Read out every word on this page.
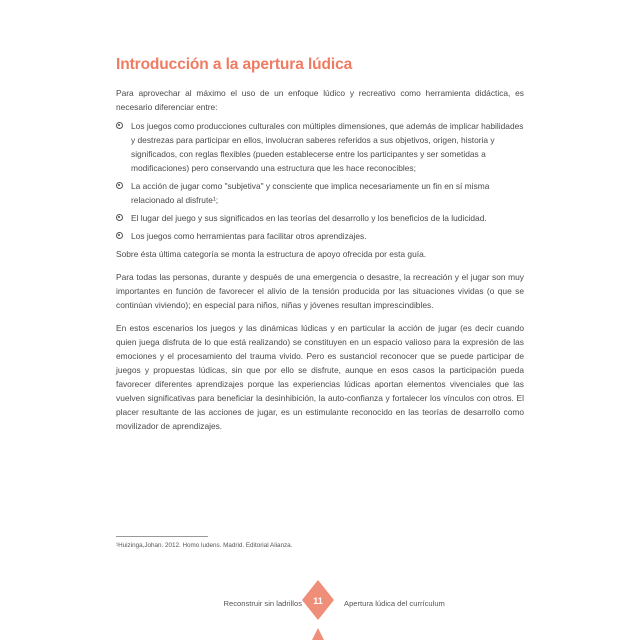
Introducción a la apertura lúdica

Para aprovechar al máximo el uso de un enfoque lúdico y recreativo como herramienta didáctica, es necesario diferenciar entre:

Los juegos como producciones culturales con múltiples dimensiones, que además de implicar habilidades y destrezas para participar en ellos, involucran saberes referidos a sus objetivos, origen, historia y significados, con reglas flexibles (pueden establecerse entre los participantes y ser sometidas a modificaciones) pero conservando una estructura que les hace reconocibles;
La acción de jugar como "subjetiva" y consciente que implica necesariamente un fin en sí misma relacionado al disfrute¹;
El lugar del juego y sus significados en las teorías del desarrollo y los beneficios de la ludicidad.
Los juegos como herramientas para facilitar otros aprendizajes.

Sobre ésta última categoría se monta la estructura de apoyo ofrecida por esta guía.

Para todas las personas, durante y después de una emergencia o desastre, la recreación y el jugar son muy importantes en función de favorecer el alivio de la tensión producida por las situaciones vividas (o que se continúan viviendo); en especial para niños, niñas y jóvenes resultan imprescindibles.

En estos escenarios los juegos y las dinámicas lúdicas y en particular la acción de jugar (es decir cuando quien juega disfruta de lo que está realizando) se constituyen en un espacio valioso para la expresión de las emociones y el procesamiento del trauma vivido. Pero es sustanciol reconocer que se puede participar de juegos y propuestas lúdicas, sin que por ello se disfrute, aunque en esos casos la participación pueda favorecer diferentes aprendizajes porque las experiencias lúdicas aportan elementos vivenciales que las vuelven significativas para beneficiar la desinhibición, la auto-confianza y fortalecer los vínculos con otros. El placer resultante de las acciones de jugar, es un estimulante reconocido en las teorías de desarrollo como movilizador de aprendizajes.

¹Huizinga,Johan. 2012. Homo ludens. Madrid. Editorial Alianza.
Reconstruir sin ladrillos	11	Apertura lúdica del currículum
